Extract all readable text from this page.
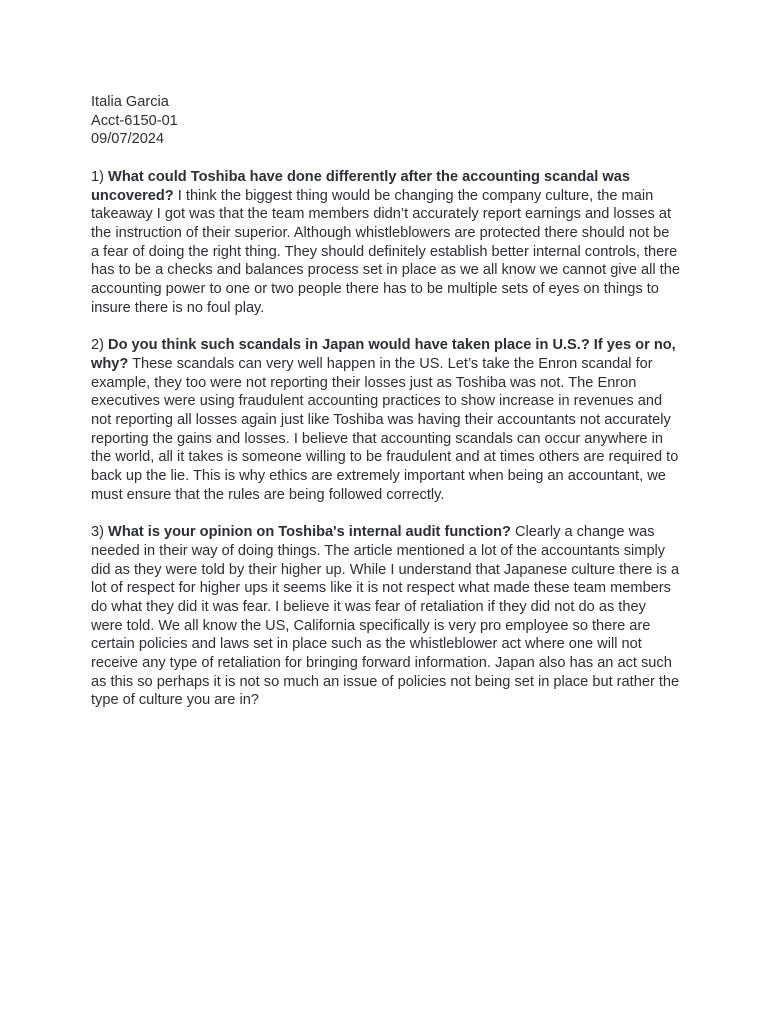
Italia Garcia
Acct-6150-01
09/07/2024

1) What could Toshiba have done differently after the accounting scandal was uncovered? I think the biggest thing would be changing the company culture, the main takeaway I got was that the team members didn’t accurately report earnings and losses at the instruction of their superior. Although whistleblowers are protected there should not be a fear of doing the right thing. They should definitely establish better internal controls, there has to be a checks and balances process set in place as we all know we cannot give all the accounting power to one or two people there has to be multiple sets of eyes on things to insure there is no foul play.

2) Do you think such scandals in Japan would have taken place in U.S.? If yes or no, why? These scandals can very well happen in the US. Let’s take the Enron scandal for example, they too were not reporting their losses just as Toshiba was not. The Enron executives were using fraudulent accounting practices to show increase in revenues and not reporting all losses again just like Toshiba was having their accountants not accurately reporting the gains and losses. I believe that accounting scandals can occur anywhere in the world, all it takes is someone willing to be fraudulent and at times others are required to back up the lie. This is why ethics are extremely important when being an accountant, we must ensure that the rules are being followed correctly.

3) What is your opinion on Toshiba's internal audit function? Clearly a change was needed in their way of doing things. The article mentioned a lot of the accountants simply did as they were told by their higher up. While I understand that Japanese culture there is a lot of respect for higher ups it seems like it is not respect what made these team members do what they did it was fear. I believe it was fear of retaliation if they did not do as they were told. We all know the US, California specifically is very pro employee so there are certain policies and laws set in place such as the whistleblower act where one will not receive any type of retaliation for bringing forward information. Japan also has an act such as this so perhaps it is not so much an issue of policies not being set in place but rather the type of culture you are in?
